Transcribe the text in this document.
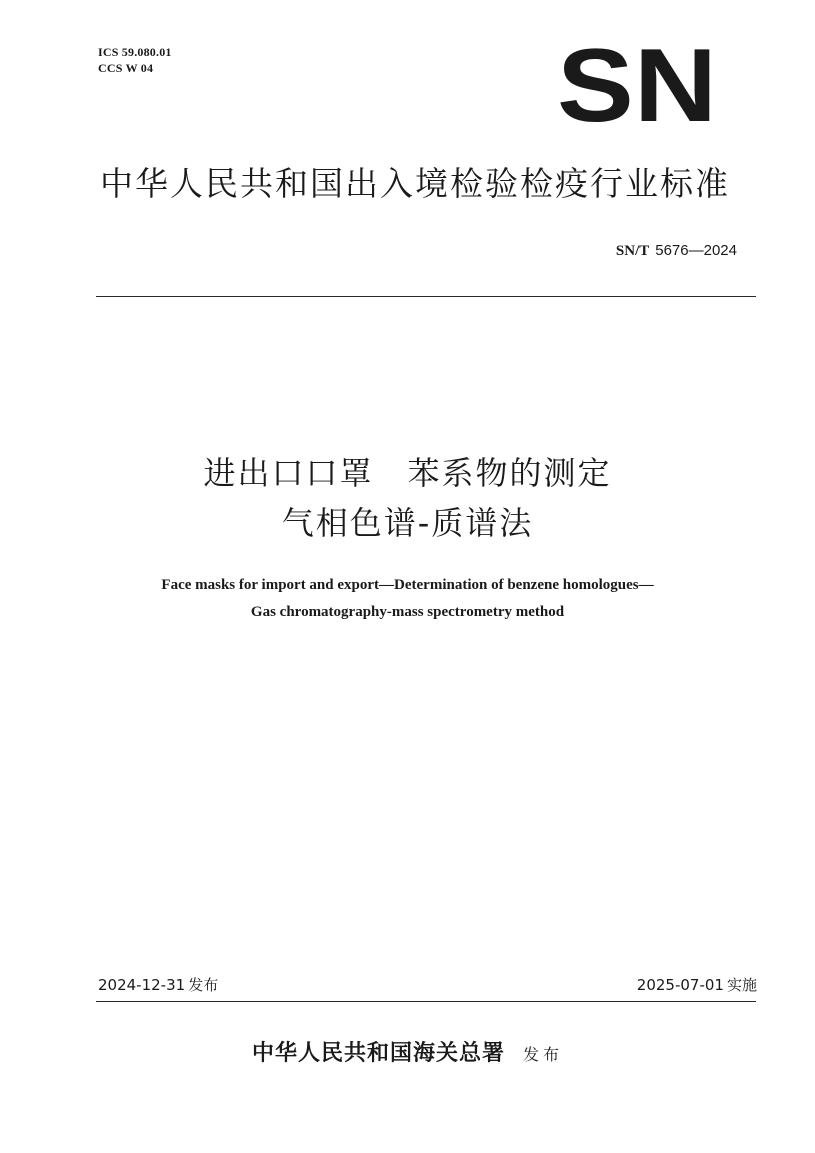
ICS 59.080.01
CCS W 04	SN
中华人民共和国出入境检验检疫行业标准
SN/T 5676—2024
进出口口罩　苯系物的测定
气相色谱-质谱法
Face masks for import and export—Determination of benzene homologues—
Gas chromatography-mass spectrometry method
2024-12-31 发布	2025-07-01 实施
中华人民共和国海关总署 发布
